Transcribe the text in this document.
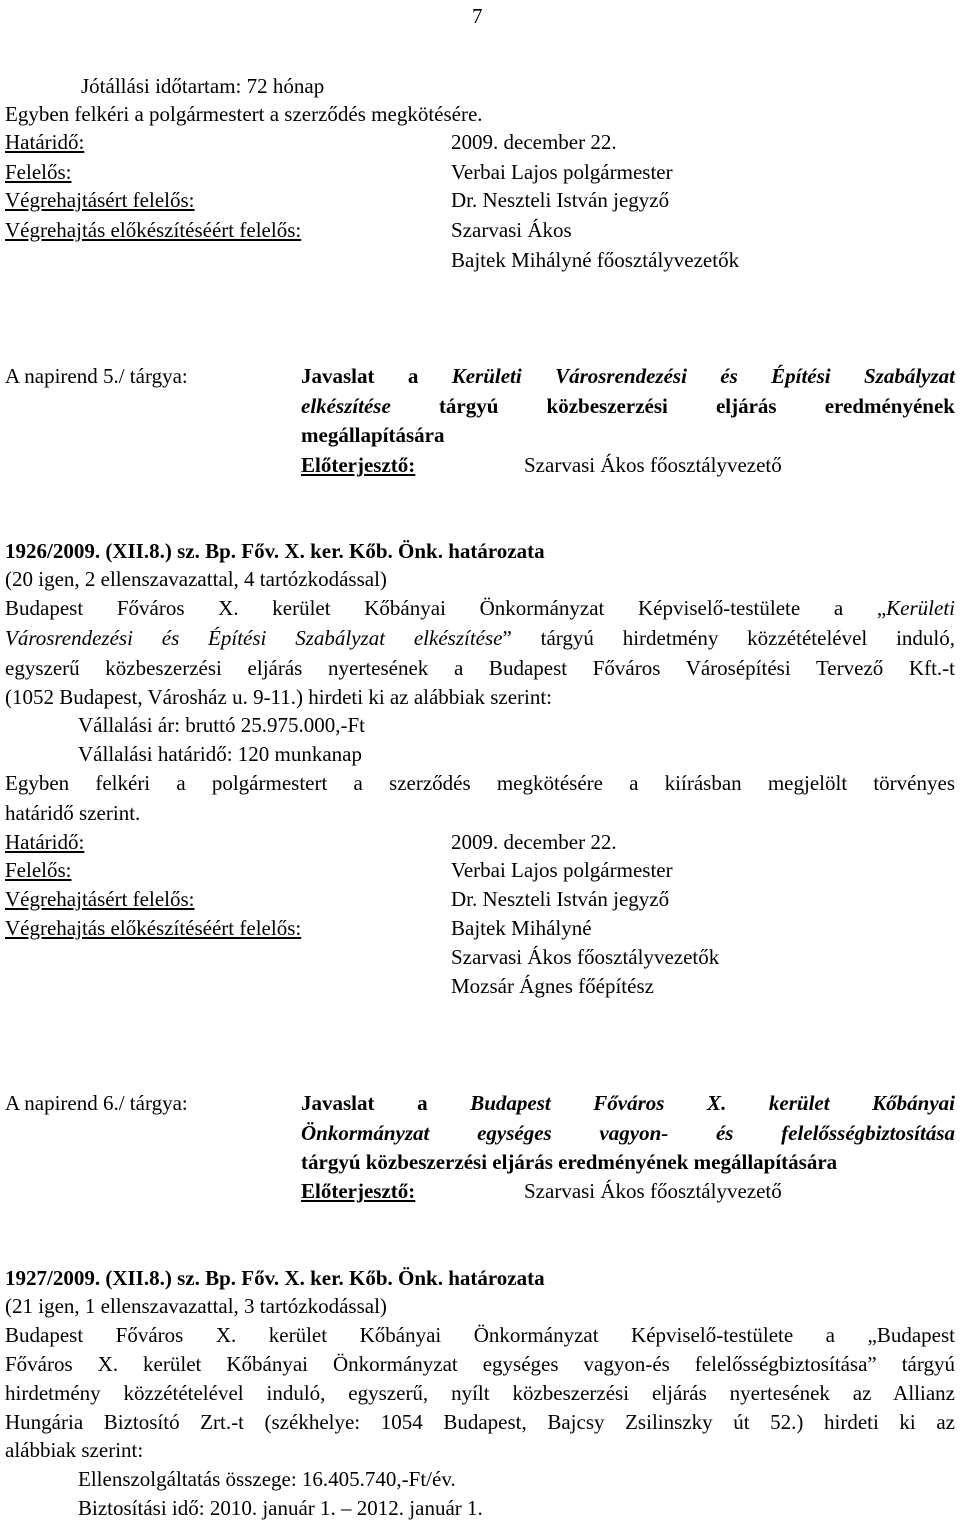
7
Jótállási időtartam: 72 hónap
Egyben felkéri a polgármestert a szerződés megkötésére.
Határidő:	2009. december 22.
Felelős:	Verbai Lajos polgármester
Végrehajtásért felelős:	Dr. Neszteli István jegyző
Végrehajtás előkészítéséért felelős:	Szarvasi Ákos
Bajtek Mihályné főosztályvezetők
A napirend 5./ tárgya:	Javaslat a Kerületi Városrendezési és Építési Szabályzat
elkészítése tárgyú közbeszerzési eljárás eredményének
megállapítására
Előterjesztő:	Szarvasi Ákos főosztályvezető
1926/2009. (XII.8.) sz. Bp. Főv. X. ker. Kőb. Önk. határozata
(20 igen, 2 ellenszavazattal, 4 tartózkodással)
Budapest Főváros X. kerület Kőbányai Önkormányzat Képviselő-testülete a „Kerületi
Városrendezési és Építési Szabályzat elkészítése” tárgyú hirdetmény közzétételével induló,
egyszerű közbeszerzési eljárás nyertesének a Budapest Főváros Városépítési Tervező Kft.-t
(1052 Budapest, Városház u. 9-11.) hirdeti ki az alábbiak szerint:
Vállalási ár: bruttó 25.975.000,-Ft
Vállalási határidő: 120 munkanap
Egyben felkéri a polgármestert a szerződés megkötésére a kiírásban megjelölt törvényes
határidő szerint.
Határidő:	2009. december 22.
Felelős:	Verbai Lajos polgármester
Végrehajtásért felelős:	Dr. Neszteli István jegyző
Végrehajtás előkészítéséért felelős:	Bajtek Mihályné
Szarvasi Ákos főosztályvezetők
Mozsár Ágnes főépítész
A napirend 6./ tárgya:	Javaslat a Budapest Főváros X. kerület Kőbányai
Önkormányzat egységes vagyon- és felelősségbiztosítása
tárgyú közbeszerzési eljárás eredményének megállapítására
Előterjesztő:	Szarvasi Ákos főosztályvezető
1927/2009. (XII.8.) sz. Bp. Főv. X. ker. Kőb. Önk. határozata
(21 igen, 1 ellenszavazattal, 3 tartózkodással)
Budapest Főváros X. kerület Kőbányai Önkormányzat Képviselő-testülete a „Budapest
Főváros X. kerület Kőbányai Önkormányzat egységes vagyon-és felelősségbiztosítása” tárgyú
hirdetmény közzétételével induló, egyszerű, nyílt közbeszerzési eljárás nyertesének az Allianz
Hungária Biztosító Zrt.-t (székhelye: 1054 Budapest, Bajcsy Zsilinszky út 52.) hirdeti ki az
alábbiak szerint:
Ellenszolgáltatás összege: 16.405.740,-Ft/év.
Biztosítási idő: 2010. január 1. – 2012. január 1.
